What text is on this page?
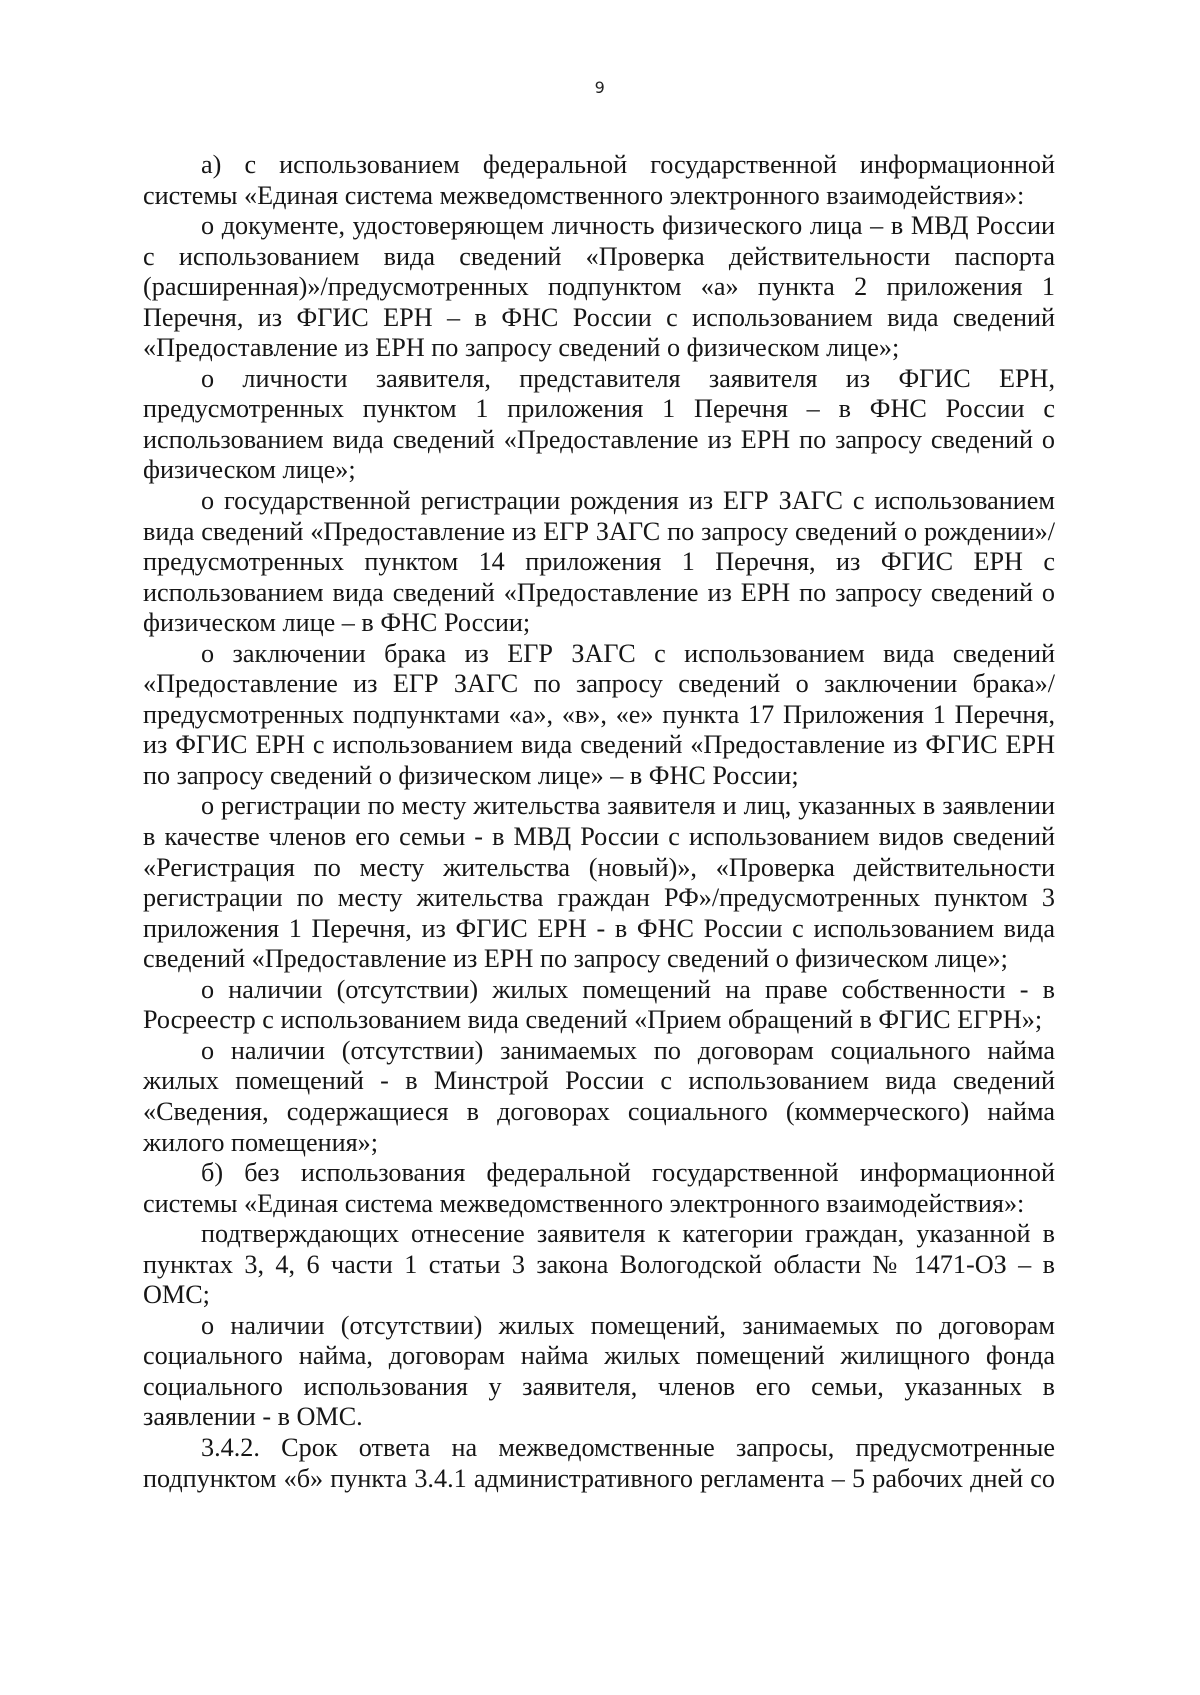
9

а) с использованием федеральной государственной информационной системы «Единая система межведомственного электронного взаимодействия»:

о документе, удостоверяющем личность физического лица – в МВД России с использованием вида сведений «Проверка действительности паспорта (расширенная)»/предусмотренных подпунктом «а» пункта 2 приложения 1 Перечня, из ФГИС ЕРН – в ФНС России с использованием вида сведений «Предоставление из ЕРН по запросу сведений о физическом лице»;

о личности заявителя, представителя заявителя из ФГИС ЕРН, предусмотренных пунктом 1 приложения 1 Перечня – в ФНС России с использованием вида сведений «Предоставление из ЕРН по запросу сведений о физическом лице»;

о государственной регистрации рождения из ЕГР ЗАГС с использованием вида сведений «Предоставление из ЕГР ЗАГС по запросу сведений о рождении»/предусмотренных пунктом 14 приложения 1 Перечня, из ФГИС ЕРН с использованием вида сведений «Предоставление из ЕРН по запросу сведений о физическом лице – в ФНС России;

о заключении брака из ЕГР ЗАГС с использованием вида сведений «Предоставление из ЕГР ЗАГС по запросу сведений о заключении брака»/предусмотренных подпунктами «а», «в», «е» пункта 17 Приложения 1 Перечня, из ФГИС ЕРН с использованием вида сведений «Предоставление из ФГИС ЕРН по запросу сведений о физическом лице» – в ФНС России;

о регистрации по месту жительства заявителя и лиц, указанных в заявлении в качестве членов его семьи - в МВД России с использованием видов сведений «Регистрация по месту жительства (новый)», «Проверка действительности регистрации по месту жительства граждан РФ»/предусмотренных пунктом 3 приложения 1 Перечня, из ФГИС ЕРН - в ФНС России с использованием вида сведений «Предоставление из ЕРН по запросу сведений о физическом лице»;

о наличии (отсутствии) жилых помещений на праве собственности - в Росреестр с использованием вида сведений «Прием обращений в ФГИС ЕГРН»;

о наличии (отсутствии) занимаемых по договорам социального найма жилых помещений - в Минстрой России с использованием вида сведений «Сведения, содержащиеся в договорах социального (коммерческого) найма жилого помещения»;

б) без использования федеральной государственной информационной системы «Единая система межведомственного электронного взаимодействия»:

подтверждающих отнесение заявителя к категории граждан, указанной в пунктах 3, 4, 6 части 1 статьи 3 закона Вологодской области № 1471-ОЗ – в ОМС;

о наличии (отсутствии) жилых помещений, занимаемых по договорам социального найма, договорам найма жилых помещений жилищного фонда социального использования у заявителя, членов его семьи, указанных в заявлении - в ОМС.

3.4.2. Срок ответа на межведомственные запросы, предусмотренные подпунктом «б» пункта 3.4.1 административного регламента – 5 рабочих дней со
